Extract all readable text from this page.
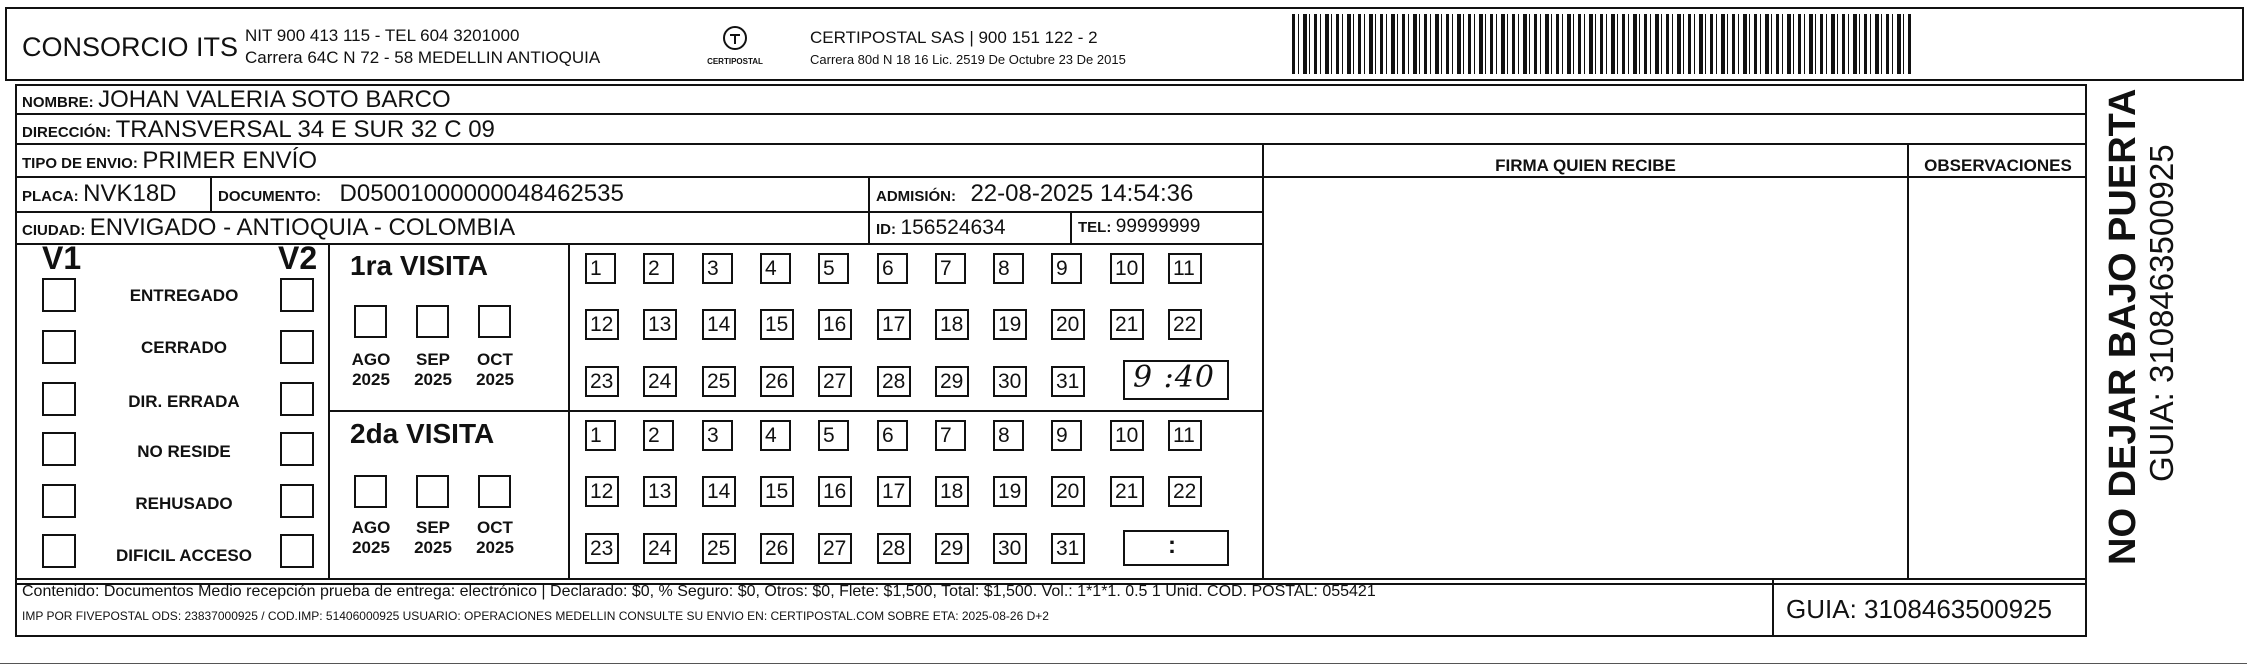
CONSORCIO ITS NIT 900 413 115 - TEL 604 3201000
Carrera 64C N 72 - 58 MEDELLIN ANTIOQUIA	CERTIPOSTAL
CERTIPOSTAL SAS | 900 151 122 - 2
Carrera 80d N 18 16 Lic. 2519 De Octubre 23 De 2015
NOMBRE: JOHAN VALERIA SOTO BARCO
DIRECCIÓN: TRANSVERSAL 34 E SUR 32 C 09
TIPO DE ENVIO: PRIMER ENVÍO	FIRMA QUIEN RECIBE	OBSERVACIONES
PLACA: NVK18D	DOCUMENTO: D05001000000048462535	ADMISIÓN: 22-08-2025 14:54:36
CIUDAD: ENVIGADO - ANTIOQUIA - COLOMBIA	ID: 156524634	TEL: 99999999
V1	V2
ENTREGADO
CERRADO
DIR. ERRADA
NO RESIDE
REHUSADO
DIFICIL ACCESO
1ra VISITA
AGO
2025
SEP
2025
OCT
2025
1	2	3	4	5	6	7	8	9	10 11
12 13 14 15 16 17 18 19 20 21 22
23 24 25 26 27 28 29 30 31 9 :40
2da VISITA
AGO
2025
SEP
2025
OCT
2025
1	2	3	4	5	6	7	8	9	10 11
12 13 14 15 16 17 18 19 20 21 22
23 24 25 26 27 28 29 30 31	:
Contenido: Documentos Medio recepción prueba de entrega: electrónico | Declarado: $0, % Seguro: $0, Otros: $0, Flete: $1,500, Total: $1,500. Vol.: 1*1*1. 0.5 1 Unid. COD. POSTAL: 055421
IMP POR FIVEPOSTAL ODS: 23837000925 / COD.IMP: 51406000925 USUARIO: OPERACIONES MEDELLIN CONSULTE SU ENVIO EN: CERTIPOSTAL.COM SOBRE ETA: 2025-08-26 D+2	GUIA: 3108463500925
NO DEJAR BAJO PUERTA GUIA: 3108463500925
